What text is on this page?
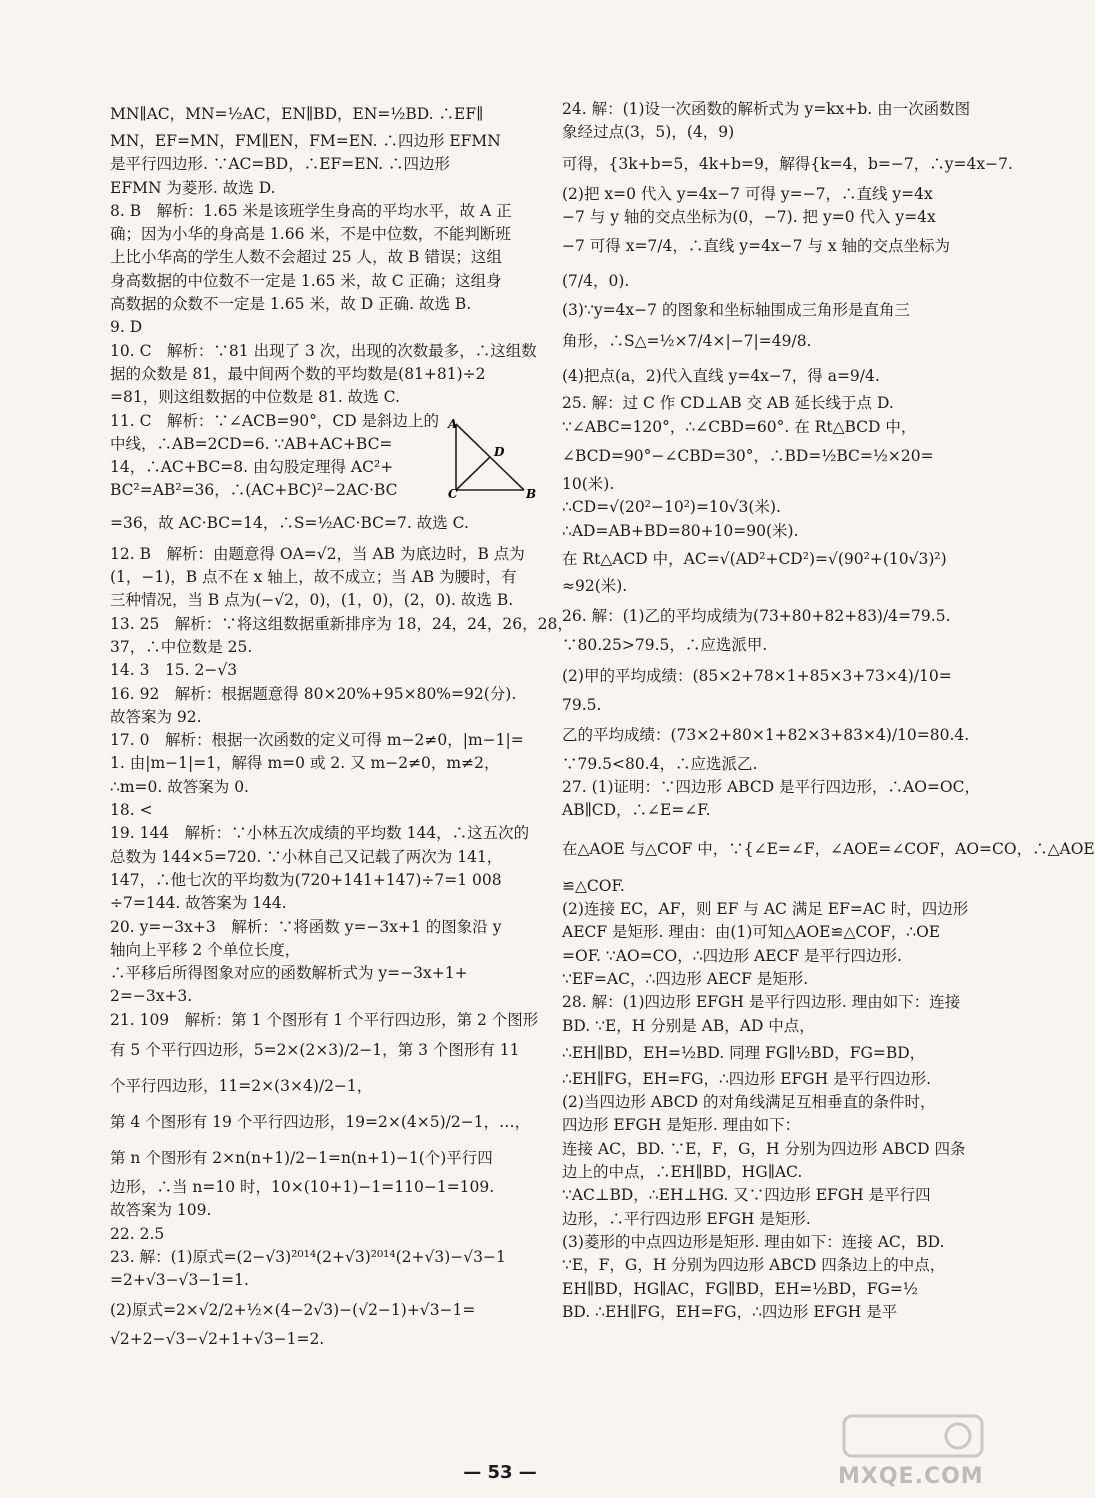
MN∥AC，MN=½AC，EN∥BD，EN=½BD. ∴EF∥
MN，EF=MN，FM∥EN，FM=EN. ∴四边形 EFMN
是平行四边形. ∵AC=BD，∴EF=EN. ∴四边形
EFMN 为菱形. 故选 D.
8. B　解析：1.65 米是该班学生身高的平均水平，故 A 正
确；因为小华的身高是 1.66 米，不是中位数，不能判断班
上比小华高的学生人数不会超过 25 人，故 B 错误；这组
身高数据的中位数不一定是 1.65 米，故 C 正确；这组身
高数据的众数不一定是 1.65 米，故 D 正确. 故选 B.
9. D
10. C　解析：∵81 出现了 3 次，出现的次数最多，∴这组数
据的众数是 81，最中间两个数的平均数是(81+81)÷2
=81，则这组数据的中位数是 81. 故选 C.
11. C　解析：∵∠ACB=90°，CD 是斜边上的
中线，∴AB=2CD=6. ∵AB+AC+BC=
14，∴AC+BC=8. 由勾股定理得 AC²+
BC²=AB²=36，∴(AC+BC)²−2AC·BC
=36，故 AC·BC=14，∴S=½AC·BC=7. 故选 C.
12. B　解析：由题意得 OA=√2，当 AB 为底边时，B 点为
(1，−1)，B 点不在 x 轴上，故不成立；当 AB 为腰时，有
三种情况，当 B 点为(−√2，0)，(1，0)，(2，0). 故选 B.
13. 25　解析：∵将这组数据重新排序为 18，24，24，26，28，
37，∴中位数是 25.
14. 3　15. 2−√3
16. 92　解析：根据题意得 80×20%+95×80%=92(分).
故答案为 92.
17. 0　解析：根据一次函数的定义可得 m−2≠0，|m−1|=
1. 由|m−1|=1，解得 m=0 或 2. 又 m−2≠0，m≠2，
∴m=0. 故答案为 0.
18. <
19. 144　解析：∵小林五次成绩的平均数 144，∴这五次的
总数为 144×5=720. ∵小林自己又记载了两次为 141，
147，∴他七次的平均数为(720+141+147)÷7=1 008
÷7=144. 故答案为 144.
20. y=−3x+3　解析：∵将函数 y=−3x+1 的图象沿 y
轴向上平移 2 个单位长度，
∴平移后所得图象对应的函数解析式为 y=−3x+1+
2=−3x+3.
21. 109　解析：第 1 个图形有 1 个平行四边形，第 2 个图形
有 5 个平行四边形，5=2×(2×3)/2−1，第 3 个图形有 11
个平行四边形，11=2×(3×4)/2−1，
第 4 个图形有 19 个平行四边形，19=2×(4×5)/2−1，…，
第 n 个图形有 2×n(n+1)/2−1=n(n+1)−1(个)平行四
边形，∴当 n=10 时，10×(10+1)−1=110−1=109.
故答案为 109.
22. 2.5
23. 解：(1)原式=(2−√3)²⁰¹⁴(2+√3)²⁰¹⁴(2+√3)−√3−1
=2+√3−√3−1=1.
(2)原式=2×√2/2+½×(4−2√3)−(√2−1)+√3−1=
√2+2−√3−√2+1+√3−1=2.
A
D
C	B
24. 解：(1)设一次函数的解析式为 y=kx+b. 由一次函数图
象经过点(3，5)，(4，9)
可得，{3k+b=5，4k+b=9，解得{k=4，b=−7，∴y=4x−7.
(2)把 x=0 代入 y=4x−7 可得 y=−7，∴直线 y=4x
−7 与 y 轴的交点坐标为(0，−7). 把 y=0 代入 y=4x
−7 可得 x=7/4，∴直线 y=4x−7 与 x 轴的交点坐标为
(7/4，0).
(3)∵y=4x−7 的图象和坐标轴围成三角形是直角三
角形，∴S△=½×7/4×|−7|=49/8.
(4)把点(a，2)代入直线 y=4x−7，得 a=9/4.
25. 解：过 C 作 CD⊥AB 交 AB 延长线于点 D.
∵∠ABC=120°，∴∠CBD=60°. 在 Rt△BCD 中，
∠BCD=90°−∠CBD=30°，∴BD=½BC=½×20=
10(米).
∴CD=√(20²−10²)=10√3(米).
∴AD=AB+BD=80+10=90(米).
在 Rt△ACD 中，AC=√(AD²+CD²)=√(90²+(10√3)²)
≈92(米).
26. 解：(1)乙的平均成绩为(73+80+82+83)/4=79.5.
∵80.25>79.5，∴应选派甲.
(2)甲的平均成绩：(85×2+78×1+85×3+73×4)/10=
79.5.
乙的平均成绩：(73×2+80×1+82×3+83×4)/10=80.4.
∵79.5<80.4，∴应选派乙.
27. (1)证明：∵四边形 ABCD 是平行四边形，∴AO=OC，
AB∥CD，∴∠E=∠F.
在△AOE 与△COF 中，∵{∠E=∠F，∠AOE=∠COF，AO=CO，∴△AOE
≌△COF.
(2)连接 EC，AF，则 EF 与 AC 满足 EF=AC 时，四边形
AECF 是矩形. 理由：由(1)可知△AOE≌△COF，∴OE
=OF. ∵AO=CO，∴四边形 AECF 是平行四边形.
∵EF=AC，∴四边形 AECF 是矩形.
28. 解：(1)四边形 EFGH 是平行四边形. 理由如下：连接
BD. ∵E，H 分别是 AB，AD 中点，
∴EH∥BD，EH=½BD. 同理 FG∥½BD，FG=BD，
∴EH∥FG，EH=FG，∴四边形 EFGH 是平行四边形.
(2)当四边形 ABCD 的对角线满足互相垂直的条件时，
四边形 EFGH 是矩形. 理由如下：
连接 AC，BD. ∵E，F，G，H 分别为四边形 ABCD 四条
边上的中点，∴EH∥BD，HG∥AC.
∵AC⊥BD，∴EH⊥HG. 又∵四边形 EFGH 是平行四
边形，∴平行四边形 EFGH 是矩形.
(3)菱形的中点四边形是矩形. 理由如下：连接 AC，BD.
∵E，F，G，H 分别为四边形 ABCD 四条边上的中点，
EH∥BD，HG∥AC，FG∥BD，EH=½BD，FG=½
BD. ∴EH∥FG，EH=FG，∴四边形 EFGH 是平
— 53 —	MXQE.COM
